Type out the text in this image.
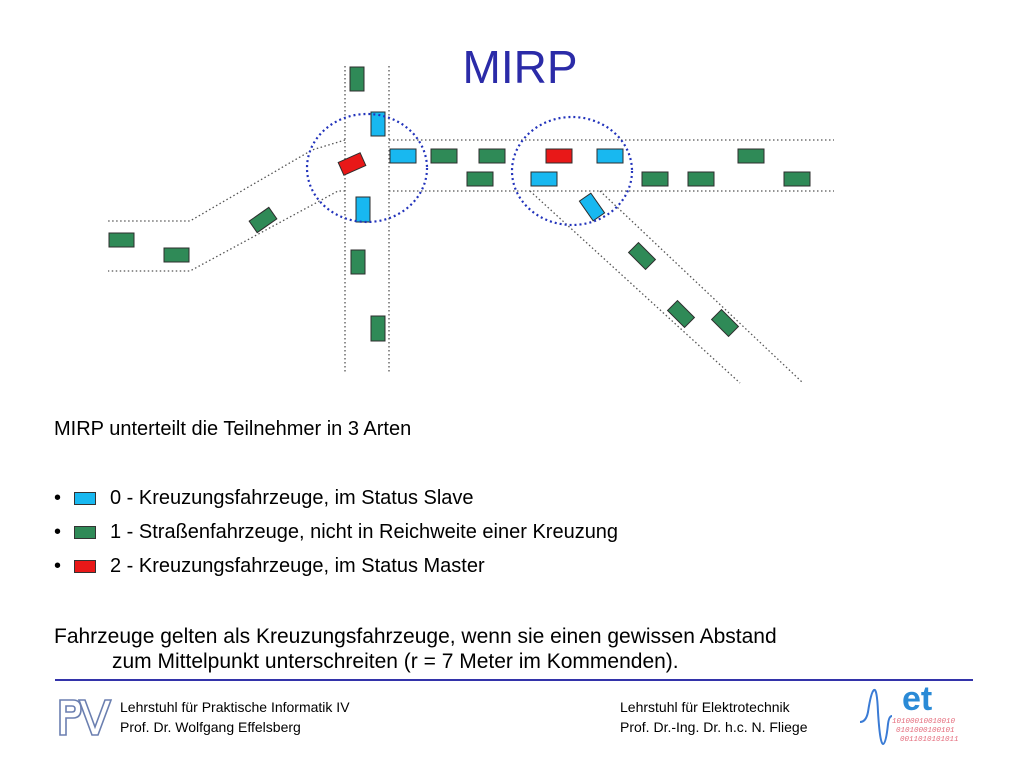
MIRP
MIRP unterteilt die Teilnehmer in 3 Arten
•	0 - Kreuzungsfahrzeuge, im Status Slave
•	1 - Straßenfahrzeuge, nicht in Reichweite einer Kreuzung
•	2 - Kreuzungsfahrzeuge, im Status Master
Fahrzeuge gelten als Kreuzungsfahrzeuge, wenn sie einen gewissen Abstand
zum Mittelpunkt unterschreiten (r = 7 Meter im Kommenden).
Lehrstuhl für Praktische Informatik IV
Prof. Dr. Wolfgang Effelsberg
Lehrstuhl für Elektrotechnik
Prof. Dr.-Ing. Dr. h.c. N. Fliege
et
10100010010010
0101000100101
0011010101011
